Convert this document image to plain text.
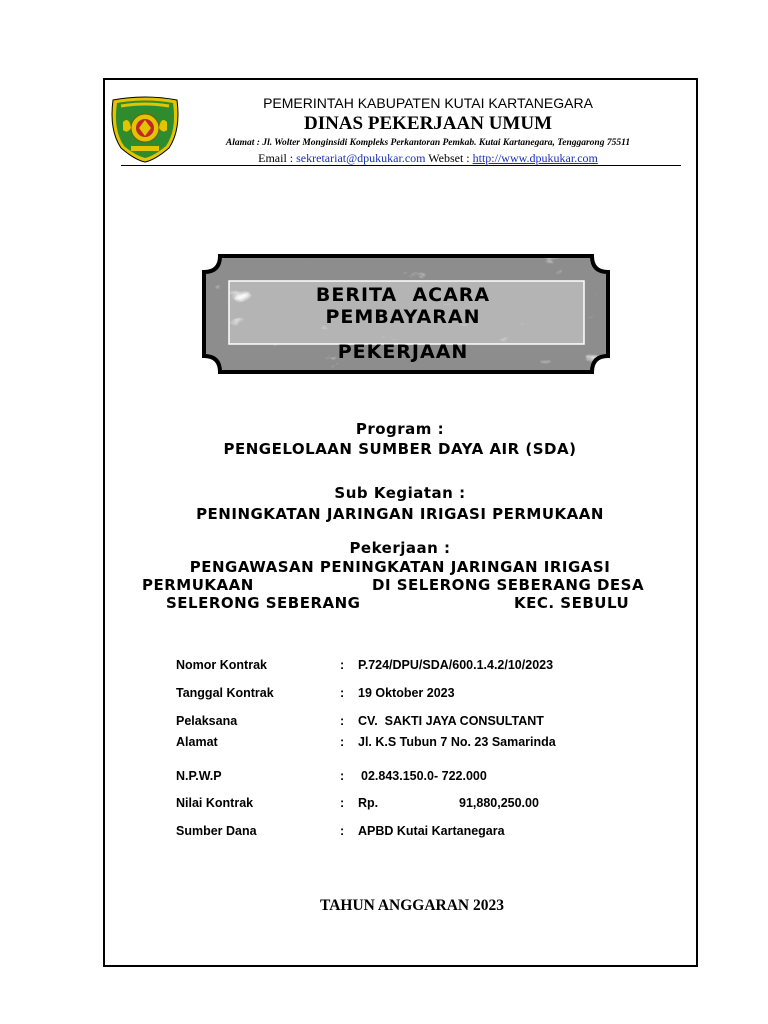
PEMERINTAH KABUPATEN KUTAI KARTANEGARA
DINAS PEKERJAAN UMUM
Alamat : Jl. Wolter Monginsidi Kompleks Perkantoran Pemkab. Kutai Kartanegara, Tenggarong 75511
Email : sekretariat@dpukukar.com Webset : http://www.dpukukar.com
BERITA  ACARA
PEMBAYARAN
PEKERJAAN
Program :
PENGELOLAAN SUMBER DAYA AIR (SDA)
Sub Kegiatan :
PENINGKATAN JARINGAN IRIGASI PERMUKAAN
Pekerjaan :
PENGAWASAN PENINGKATAN JARINGAN IRIGASI
PERMUKAAN	DI SELERONG SEBERANG DESA
SELERONG SEBERANG	KEC. SEBULU
Nomor Kontrak	: P.724/DPU/SDA/600.1.4.2/10/2023
Tanggal Kontrak	: 19 Oktober 2023
Pelaksana	: CV.  SAKTI JAYA CONSULTANT
Alamat	: Jl. K.S Tubun 7 No. 23 Samarinda
N.P.W.P	: 02.843.150.0- 722.000
Nilai Kontrak	: Rp.	91,880,250.00
Sumber Dana	: APBD Kutai Kartanegara
TAHUN ANGGARAN 2023
